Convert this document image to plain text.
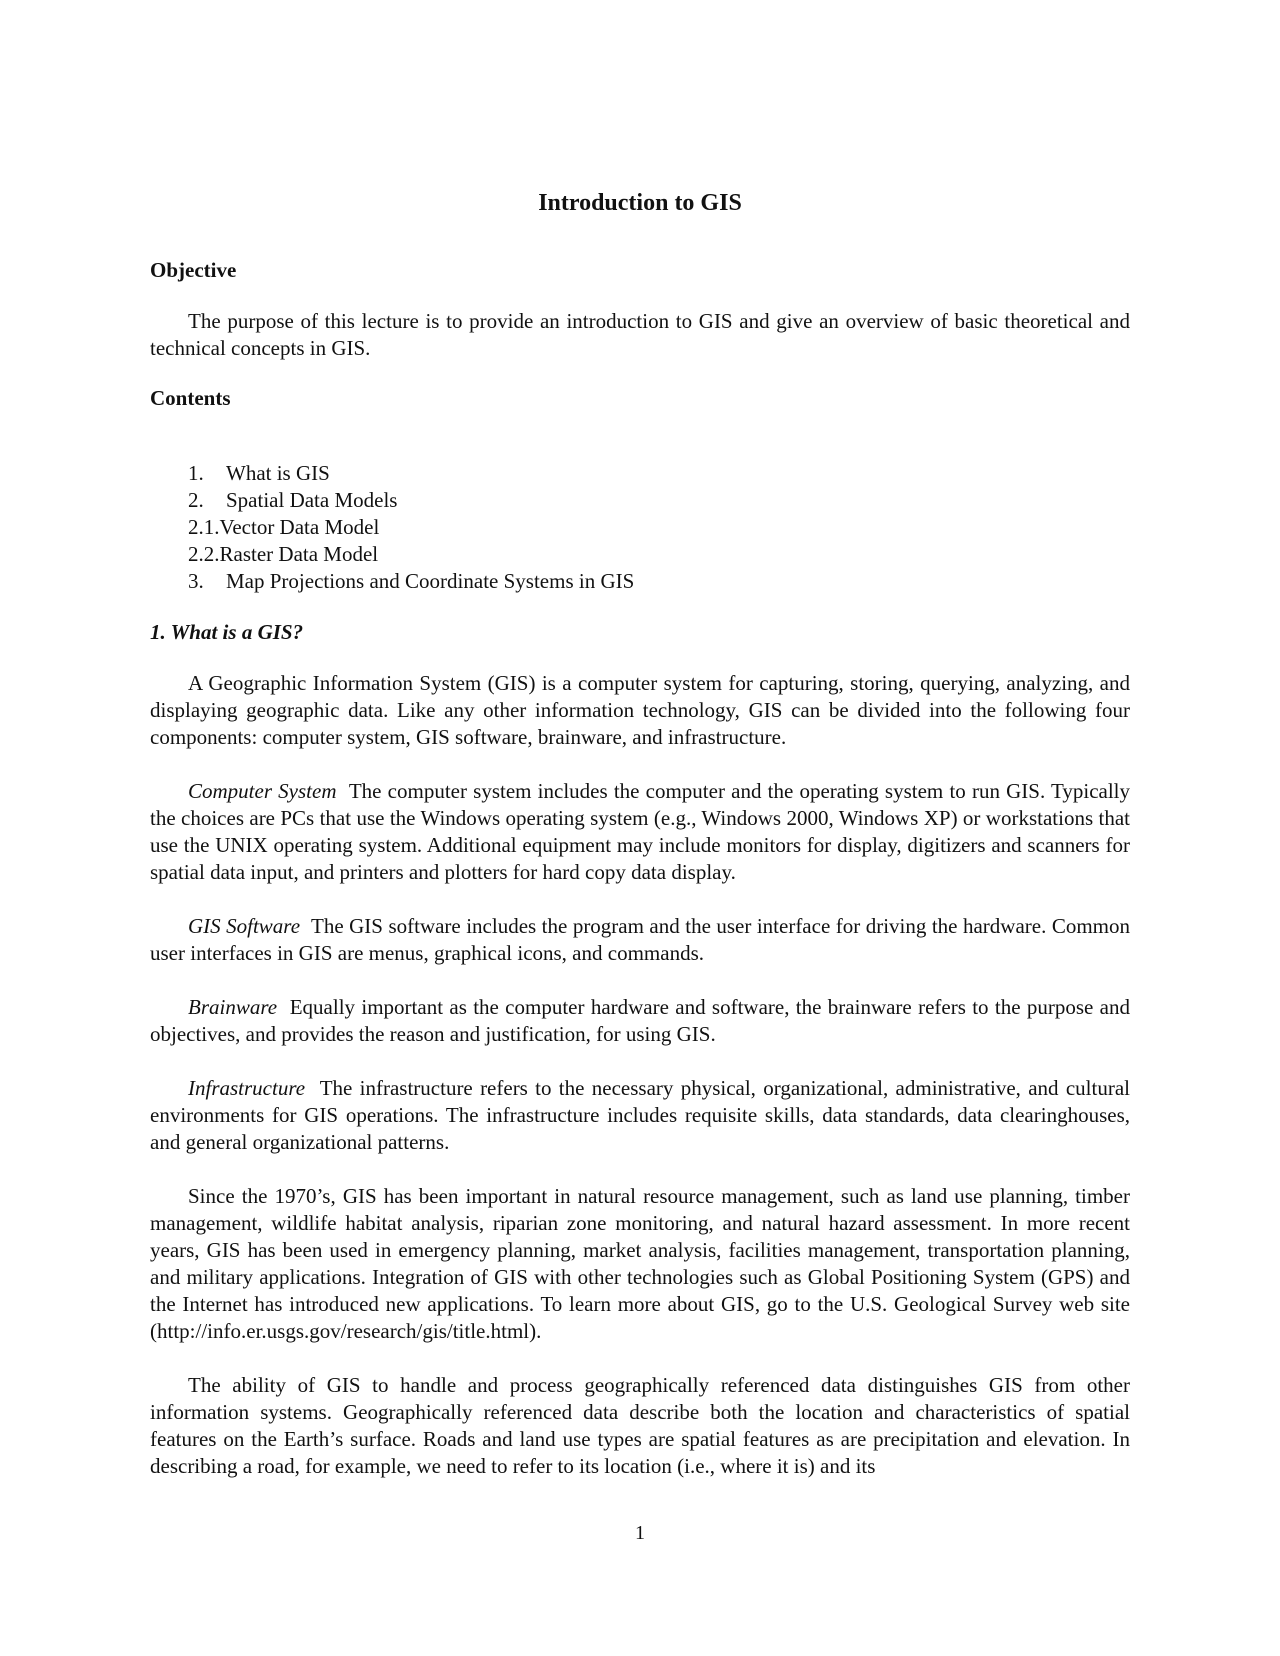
Introduction to GIS
Objective

The purpose of this lecture is to provide an introduction to GIS and give an overview of basic theoretical and technical concepts in GIS.

Contents
1.	What is GIS
2.	Spatial Data Models
2.1. Vector Data Model
2.2. Raster Data Model
3.	Map Projections and Coordinate Systems in GIS
1. What is a GIS?

A Geographic Information System (GIS) is a computer system for capturing, storing, querying, analyzing, and displaying geographic data. Like any other information technology, GIS can be divided into the following four components: computer system, GIS software, brainware, and infrastructure.

Computer System The computer system includes the computer and the operating system to run GIS. Typically the choices are PCs that use the Windows operating system (e.g., Windows 2000, Windows XP) or workstations that use the UNIX operating system. Additional equipment may include monitors for display, digitizers and scanners for spatial data input, and printers and plotters for hard copy data display.

GIS Software The GIS software includes the program and the user interface for driving the hardware. Common user interfaces in GIS are menus, graphical icons, and commands.

Brainware Equally important as the computer hardware and software, the brainware refers to the purpose and objectives, and provides the reason and justification, for using GIS.

Infrastructure The infrastructure refers to the necessary physical, organizational, administrative, and cultural environments for GIS operations. The infrastructure includes requisite skills, data standards, data clearinghouses, and general organizational patterns.

Since the 1970’s, GIS has been important in natural resource management, such as land use planning, timber management, wildlife habitat analysis, riparian zone monitoring, and natural hazard assessment. In more recent years, GIS has been used in emergency planning, market analysis, facilities management, transportation planning, and military applications. Integration of GIS with other technologies such as Global Positioning System (GPS) and the Internet has introduced new applications. To learn more about GIS, go to the U.S. Geological Survey web site (http://info.er.usgs.gov/research/gis/title.html).

The ability of GIS to handle and process geographically referenced data distinguishes GIS from other information systems. Geographically referenced data describe both the location and characteristics of spatial features on the Earth’s surface. Roads and land use types are spatial features as are precipitation and elevation. In describing a road, for example, we need to refer to its location (i.e., where it is) and its

1
